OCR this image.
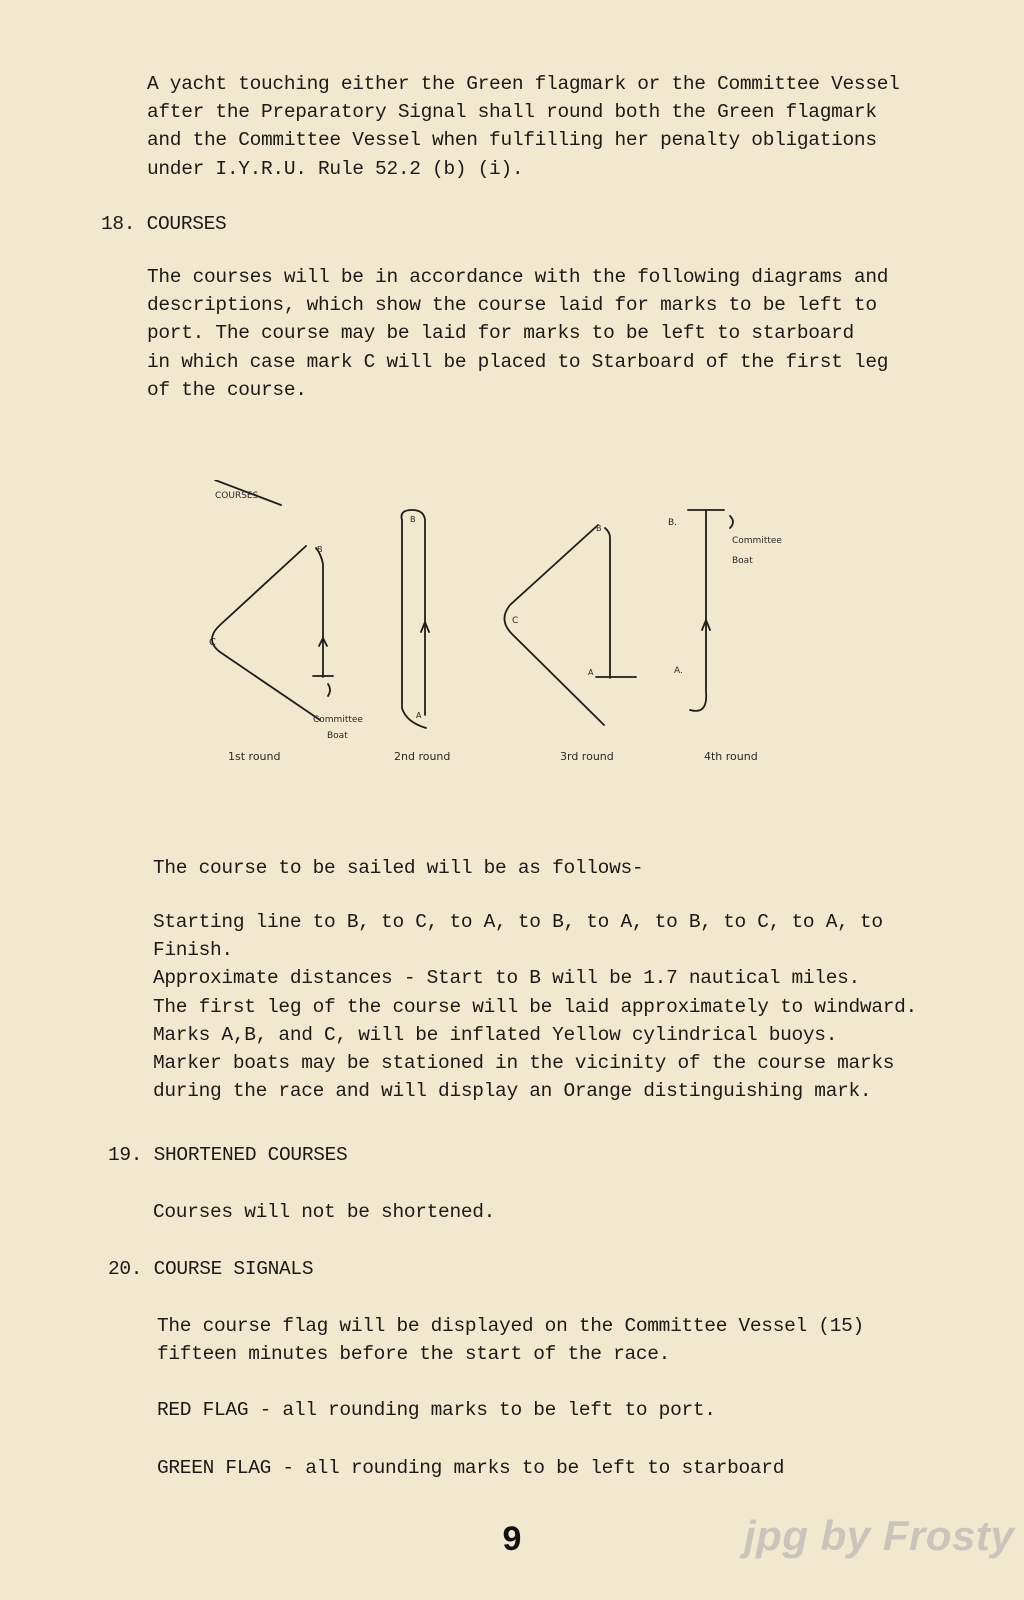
A yacht touching either the Green flagmark or the Committee Vessel
after the Preparatory Signal shall round both the Green flagmark
and the Committee Vessel when fulfilling her penalty obligations
under I.Y.R.U. Rule 52.2 (b) (i).

18. COURSES

The courses will be in accordance with the following diagrams and
descriptions, which show the course laid for marks to be left to
port. The course may be laid for marks to be left to starboard
in which case mark C will be placed to Starboard of the first leg
of the course.

COURSES
B
C
Committee
Boat
1st round
B
A
2nd round
B
C
A
3rd round
B.
Committee
Boat
A.
4th round

The course to be sailed will be as follows-

Starting line to B, to C, to A, to B, to A, to B, to C, to A, to
Finish.
Approximate distances - Start to B will be 1.7 nautical miles.
The first leg of the course will be laid approximately to windward.
Marks A,B, and C, will be inflated Yellow cylindrical buoys.
Marker boats may be stationed in the vicinity of the course marks
during the race and will display an Orange distinguishing mark.

19. SHORTENED COURSES

Courses will not be shortened.

20. COURSE SIGNALS

The course flag will be displayed on the Committee Vessel (15)
fifteen minutes before the start of the race.

RED FLAG - all rounding marks to be left to port.

GREEN FLAG - all rounding marks to be left to starboard

9	jpg by Frosty
